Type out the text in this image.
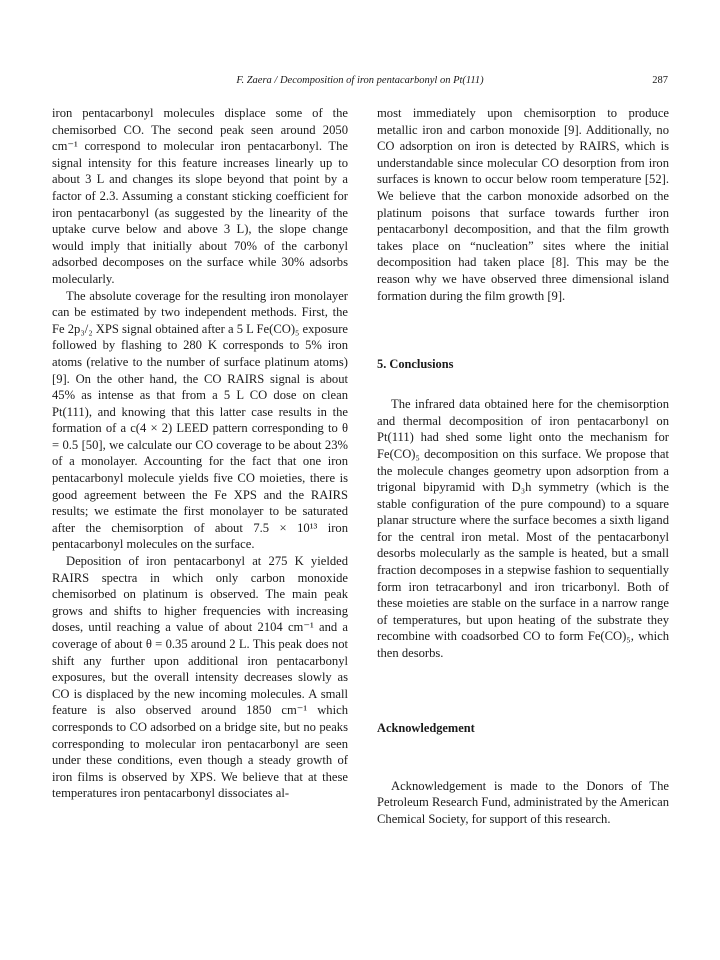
F. Zaera / Decomposition of iron pentacarbonyl on Pt(111)	287

iron pentacarbonyl molecules displace some of the chemisorbed CO. The second peak seen around 2050 cm⁻¹ correspond to molecular iron pentacarbonyl. The signal intensity for this feature increases linearly up to about 3 L and changes its slope beyond that point by a factor of 2.3. Assuming a constant sticking coefficient for iron pentacarbonyl (as suggested by the linearity of the uptake curve below and above 3 L), the slope change would imply that initially about 70% of the carbonyl adsorbed decomposes on the surface while 30% adsorbs molecularly.

The absolute coverage for the resulting iron monolayer can be estimated by two independent methods. First, the Fe 2p₃/₂ XPS signal obtained after a 5 L Fe(CO)₅ exposure followed by flashing to 280 K corresponds to 5% iron atoms (relative to the number of surface platinum atoms) [9]. On the other hand, the CO RAIRS signal is about 45% as intense as that from a 5 L CO dose on clean Pt(111), and knowing that this latter case results in the formation of a c(4 × 2) LEED pattern corresponding to θ = 0.5 [50], we calculate our CO coverage to be about 23% of a monolayer. Accounting for the fact that one iron pentacarbonyl molecule yields five CO moieties, there is good agreement between the Fe XPS and the RAIRS results; we estimate the first monolayer to be saturated after the chemisorption of about 7.5 × 10¹³ iron pentacarbonyl molecules on the surface.

Deposition of iron pentacarbonyl at 275 K yielded RAIRS spectra in which only carbon monoxide chemisorbed on platinum is observed. The main peak grows and shifts to higher frequencies with increasing doses, until reaching a value of about 2104 cm⁻¹ and a coverage of about θ = 0.35 around 2 L. This peak does not shift any further upon additional iron pentacarbonyl exposures, but the overall intensity decreases slowly as CO is displaced by the new incoming molecules. A small feature is also observed around 1850 cm⁻¹ which corresponds to CO adsorbed on a bridge site, but no peaks corresponding to molecular iron pentacarbonyl are seen under these conditions, even though a steady growth of iron films is observed by XPS. We believe that at these temperatures iron pentacarbonyl dissociates al-

most immediately upon chemisorption to produce metallic iron and carbon monoxide [9]. Additionally, no CO adsorption on iron is detected by RAIRS, which is understandable since molecular CO desorption from iron surfaces is known to occur below room temperature [52]. We believe that the carbon monoxide adsorbed on the platinum poisons that surface towards further iron pentacarbonyl decomposition, and that the film growth takes place on “nucleation” sites where the initial decomposition had taken place [8]. This may be the reason why we have observed three dimensional island formation during the film growth [9].

5. Conclusions

The infrared data obtained here for the chemisorption and thermal decomposition of iron pentacarbonyl on Pt(111) had shed some light onto the mechanism for Fe(CO)₅ decomposition on this surface. We propose that the molecule changes geometry upon adsorption from a trigonal bipyramid with D₃h symmetry (which is the stable configuration of the pure compound) to a square planar structure where the surface becomes a sixth ligand for the central iron metal. Most of the pentacarbonyl desorbs molecularly as the sample is heated, but a small fraction decomposes in a stepwise fashion to sequentially form iron tetracarbonyl and iron tricarbonyl. Both of these moieties are stable on the surface in a narrow range of temperatures, but upon heating of the substrate they recombine with coadsorbed CO to form Fe(CO)₅, which then desorbs.

Acknowledgement

Acknowledgement is made to the Donors of The Petroleum Research Fund, administrated by the American Chemical Society, for support of this research.
